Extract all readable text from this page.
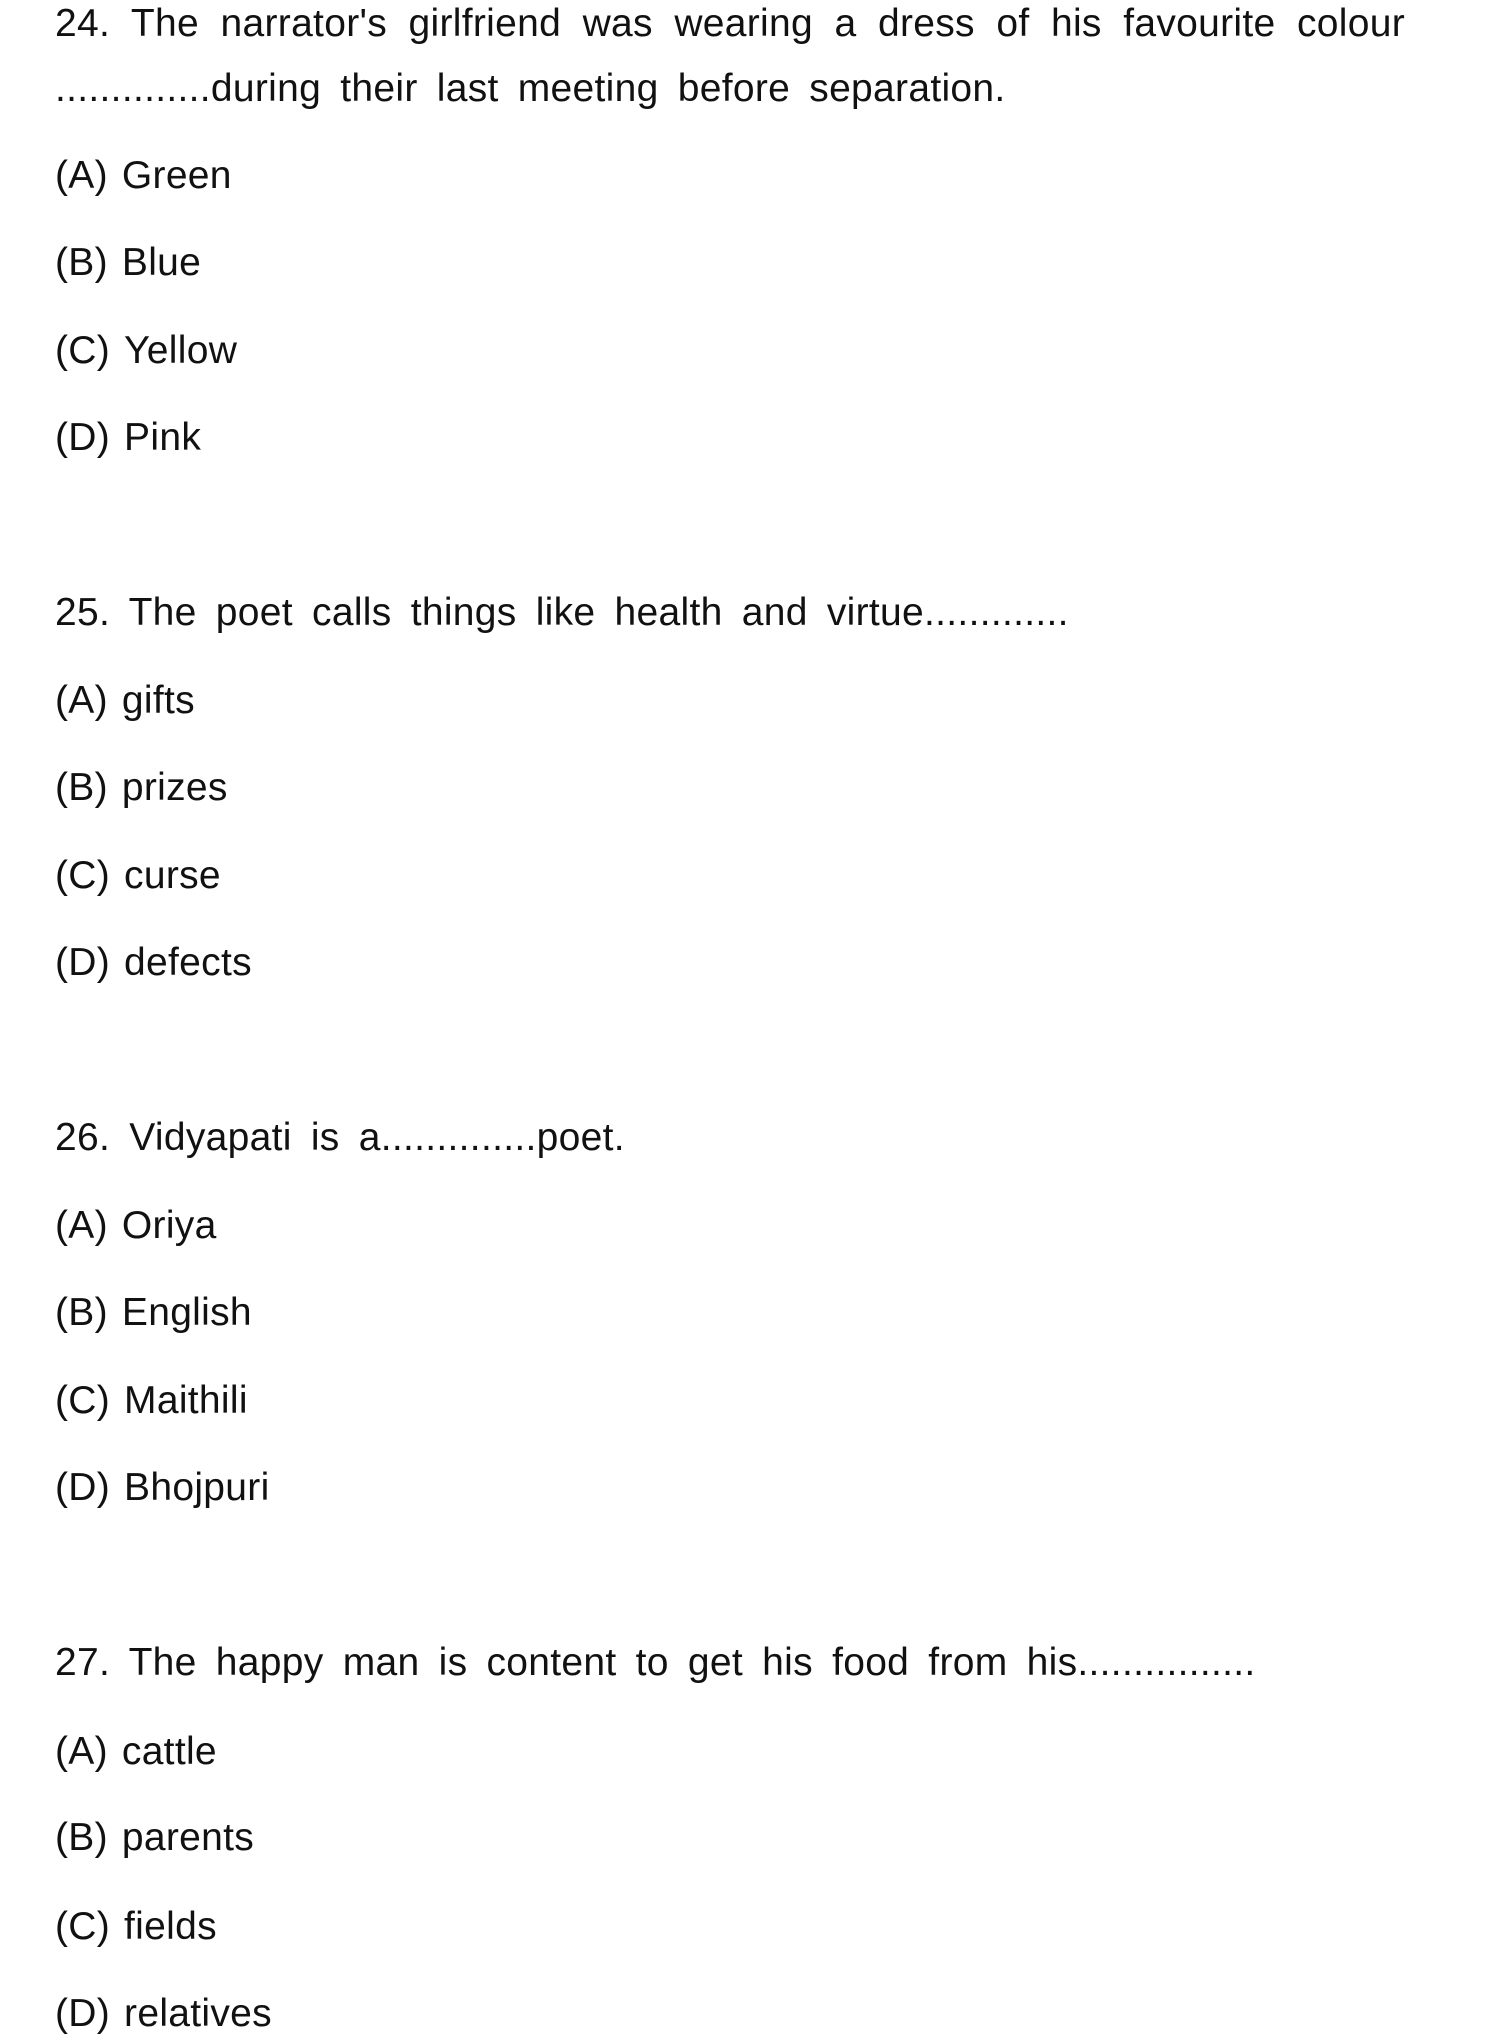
24. The narrator's girlfriend was wearing a dress of his favourite colour
..............during their last meeting before separation.
(A) Green
(B) Blue
(C) Yellow
(D) Pink
25. The poet calls things like health and virtue.............
(A) gifts
(B) prizes
(C) curse
(D) defects
26. Vidyapati is a..............poet.
(A) Oriya
(B) English
(C) Maithili
(D) Bhojpuri
27. The happy man is content to get his food from his................
(A) cattle
(B) parents
(C) fields
(D) relatives
